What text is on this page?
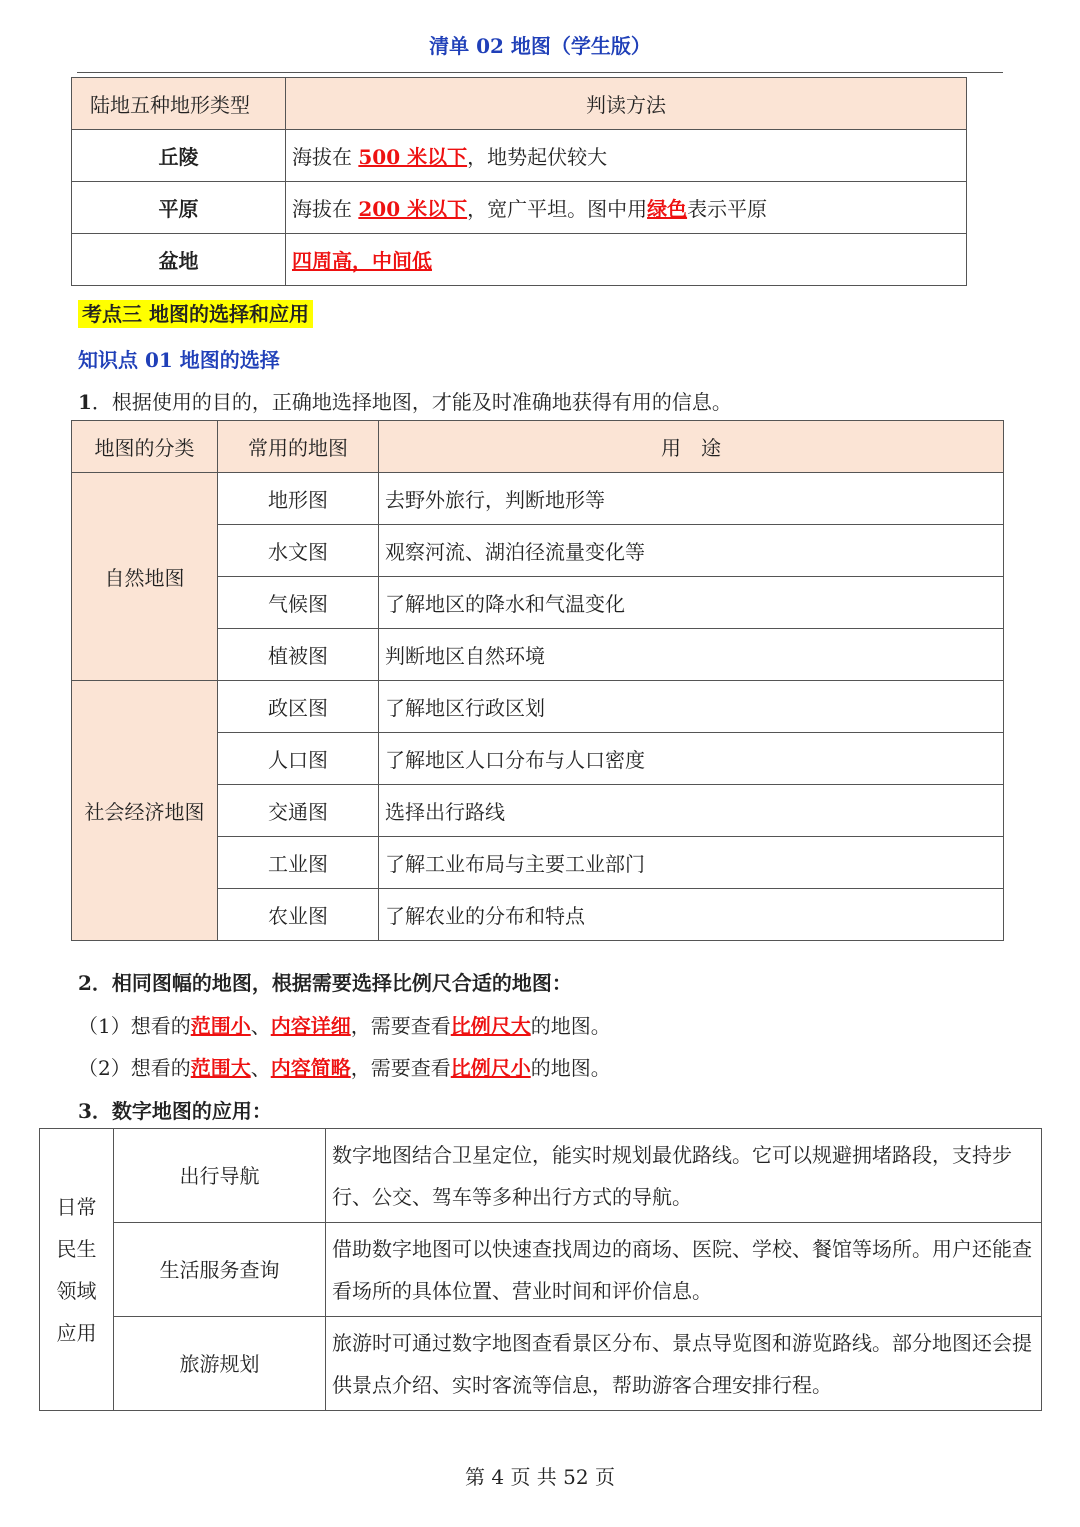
清单 02 地图（学生版）
陆地五种地形类型	判读方法
丘陵	海拔在 500 米以下，地势起伏较大
平原	海拔在 200 米以下，宽广平坦。图中用绿色表示平原
盆地	四周高，中间低
考点三 地图的选择和应用
知识点 01 地图的选择
1．根据使用的目的，正确地选择地图，才能及时准确地获得有用的信息。
地图的分类	常用的地图	用　途
自然地图	地形图	去野外旅行，判断地形等
	水文图	观察河流、湖泊径流量变化等
	气候图	了解地区的降水和气温变化
	植被图	判断地区自然环境
社会经济地图	政区图	了解地区行政区划
	人口图	了解地区人口分布与人口密度
	交通图	选择出行路线
	工业图	了解工业布局与主要工业部门
	农业图	了解农业的分布和特点
2．相同图幅的地图，根据需要选择比例尺合适的地图：
（1）想看的范围小、内容详细，需要查看比例尺大的地图。
（2）想看的范围大、内容简略，需要查看比例尺小的地图。
3．数字地图的应用：
日常
民生
领域
应用	出行导航	数字地图结合卫星定位，能实时规划最优路线。它可以规避拥堵路段，支持步行、公交、驾车等多种出行方式的导航。
	生活服务查询	借助数字地图可以快速查找周边的商场、医院、学校、餐馆等场所。用户还能查看场所的具体位置、营业时间和评价信息。
	旅游规划	旅游时可通过数字地图查看景区分布、景点导览图和游览路线。部分地图还会提供景点介绍、实时客流等信息，帮助游客合理安排行程。
第 4 页 共 52 页
